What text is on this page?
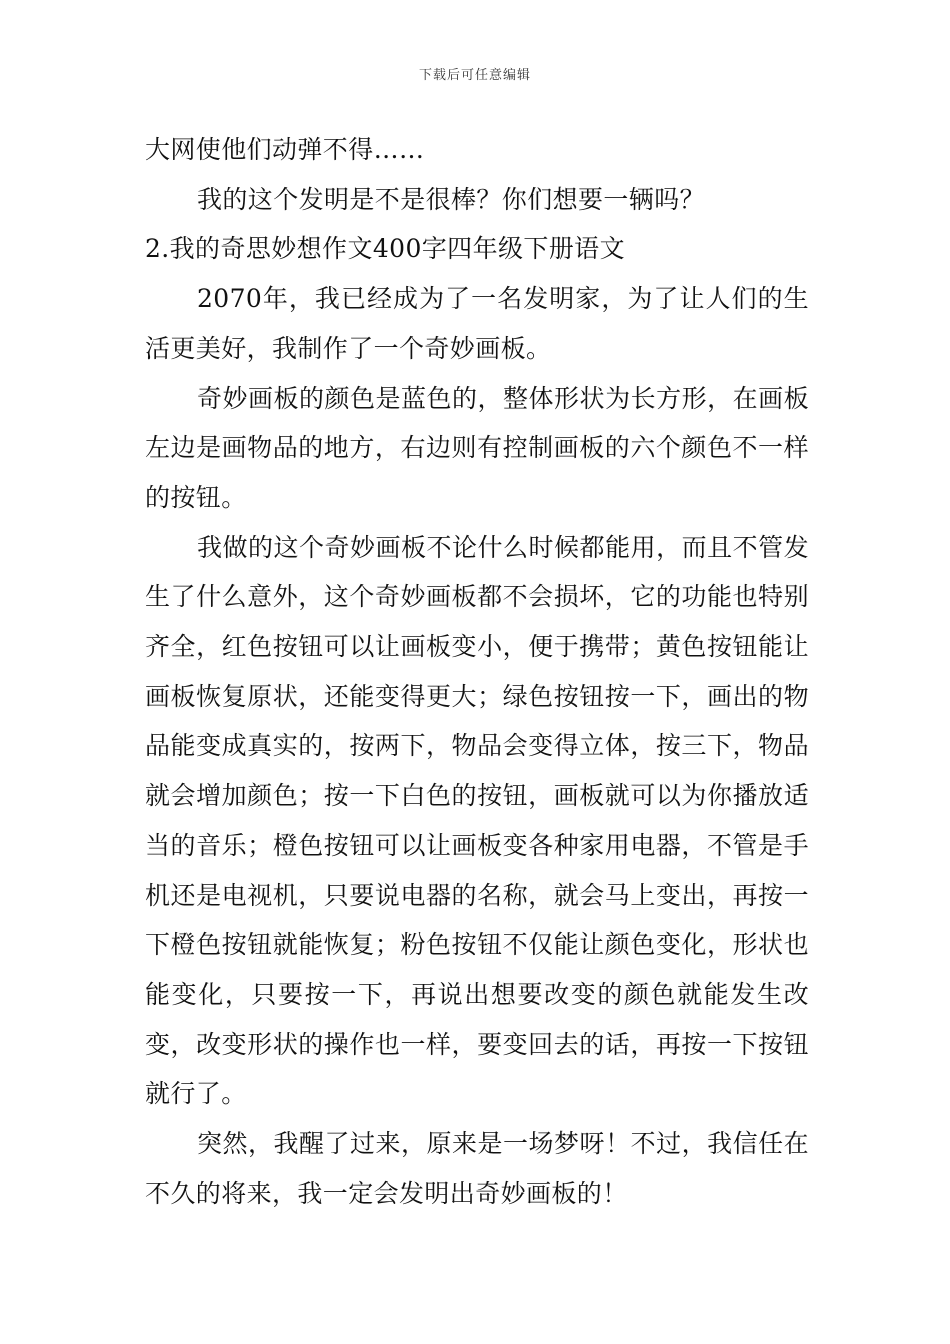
下载后可任意编辑

大网使他们动弹不得……

我的这个发明是不是很棒？你们想要一辆吗？

2.我的奇思妙想作文400字四年级下册语文

2070年，我已经成为了一名发明家，为了让人们的生活更美好，我制作了一个奇妙画板。

奇妙画板的颜色是蓝色的，整体形状为长方形，在画板左边是画物品的地方，右边则有控制画板的六个颜色不一样的按钮。

我做的这个奇妙画板不论什么时候都能用，而且不管发生了什么意外，这个奇妙画板都不会损坏，它的功能也特别齐全，红色按钮可以让画板变小，便于携带；黄色按钮能让画板恢复原状，还能变得更大；绿色按钮按一下，画出的物品能变成真实的，按两下，物品会变得立体，按三下，物品就会增加颜色；按一下白色的按钮，画板就可以为你播放适当的音乐；橙色按钮可以让画板变各种家用电器，不管是手机还是电视机，只要说电器的名称，就会马上变出，再按一下橙色按钮就能恢复；粉色按钮不仅能让颜色变化，形状也能变化，只要按一下，再说出想要改变的颜色就能发生改变，改变形状的操作也一样，要变回去的话，再按一下按钮就行了。

突然，我醒了过来，原来是一场梦呀！不过，我信任在不久的将来，我一定会发明出奇妙画板的！
